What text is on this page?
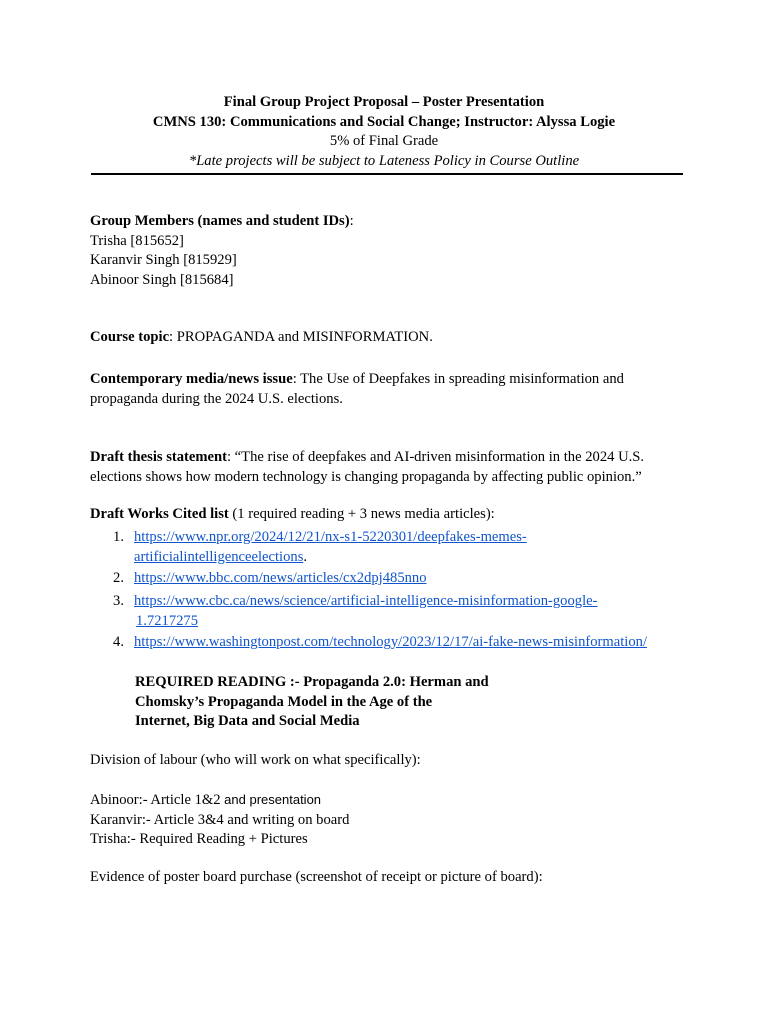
Final Group Project Proposal – Poster Presentation
CMNS 130: Communications and Social Change; Instructor: Alyssa Logie
5% of Final Grade
*Late projects will be subject to Lateness Policy in Course Outline
Group Members (names and student IDs):
Trisha [815652]
Karanvir Singh [815929]
Abinoor Singh [815684]
Course topic: PROPAGANDA and MISINFORMATION.
Contemporary media/news issue: The Use of Deepfakes in spreading misinformation and
propaganda during the 2024 U.S. elections.
Draft thesis statement: “The rise of deepfakes and AI-driven misinformation in the 2024 U.S.
elections shows how modern technology is changing propaganda by affecting public opinion.”
Draft Works Cited list (1 required reading + 3 news media articles):
1. https://www.npr.org/2024/12/21/nx-s1-5220301/deepfakes-memes-
artificialintelligenceelections.
2. https://www.bbc.com/news/articles/cx2dpj485nno
3. https://www.cbc.ca/news/science/artificial-intelligence-misinformation-google-
1.7217275
4. https://www.washingtonpost.com/technology/2023/12/17/ai-fake-news-misinformation/
REQUIRED READING :- Propaganda 2.0: Herman and
Chomsky’s Propaganda Model in the Age of the
Internet, Big Data and Social Media
Division of labour (who will work on what specifically):
Abinoor:- Article 1&2 and presentation
Karanvir:- Article 3&4 and writing on board
Trisha:- Required Reading + Pictures
Evidence of poster board purchase (screenshot of receipt or picture of board):
